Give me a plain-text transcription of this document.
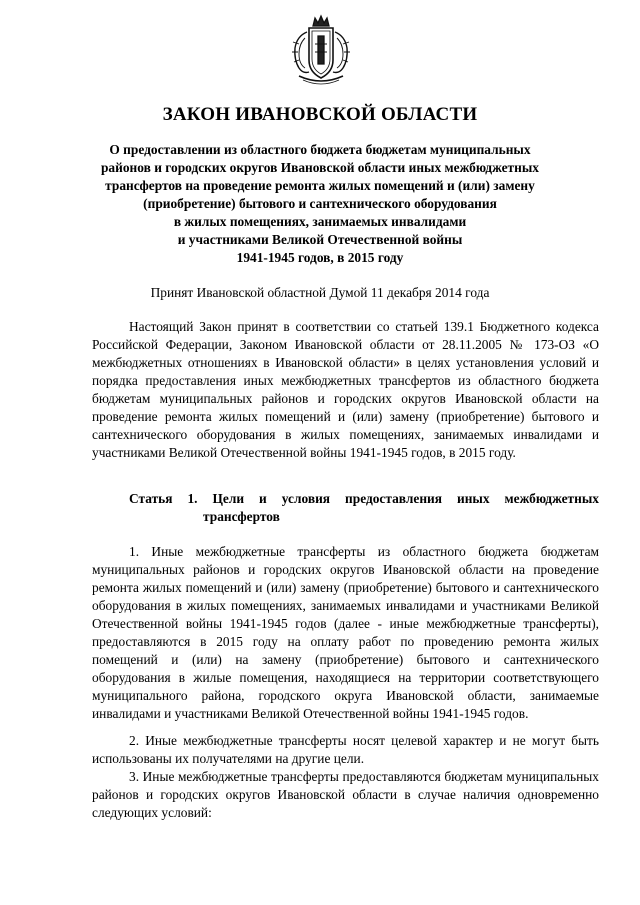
ЗАКОН ИВАНОВСКОЙ ОБЛАСТИ

О предоставлении из областного бюджета бюджетам муниципальных
районов и городских округов Ивановской области иных межбюджетных
трансфертов на проведение ремонта жилых помещений и (или) замену
(приобретение) бытового и сантехнического оборудования
в жилых помещениях, занимаемых инвалидами
и участниками Великой Отечественной войны
1941-1945 годов, в 2015 году

Принят Ивановской областной Думой 11 декабря 2014 года

Настоящий Закон принят в соответствии со статьей 139.1 Бюджетного кодекса Российской Федерации, Законом Ивановской области от 28.11.2005 № 173-ОЗ «О межбюджетных отношениях в Ивановской области» в целях установления условий и порядка предоставления иных межбюджетных трансфертов из областного бюджета бюджетам муниципальных районов и городских округов Ивановской области на проведение ремонта жилых помещений и (или) замену (приобретение) бытового и сантехнического оборудования в жилых помещениях, занимаемых инвалидами и участниками Великой Отечественной войны 1941-1945 годов, в 2015 году.

Статья 1. Цели и условия предоставления иных межбюджетных
трансфертов

1. Иные межбюджетные трансферты из областного бюджета бюджетам муниципальных районов и городских округов Ивановской области на проведение ремонта жилых помещений и (или) замену (приобретение) бытового и сантехнического оборудования в жилых помещениях, занимаемых инвалидами и участниками Великой Отечественной войны 1941-1945 годов (далее - иные межбюджетные трансферты), предоставляются в 2015 году на оплату работ по проведению ремонта жилых помещений и (или) на замену (приобретение) бытового и сантехнического оборудования в жилые помещения, находящиеся на территории соответствующего муниципального района, городского округа Ивановской области, занимаемые инвалидами и участниками Великой Отечественной войны 1941-1945 годов.

2. Иные межбюджетные трансферты носят целевой характер и не могут быть использованы их получателями на другие цели.

3. Иные межбюджетные трансферты предоставляются бюджетам муниципальных районов и городских округов Ивановской области в случае наличия одновременно следующих условий:
